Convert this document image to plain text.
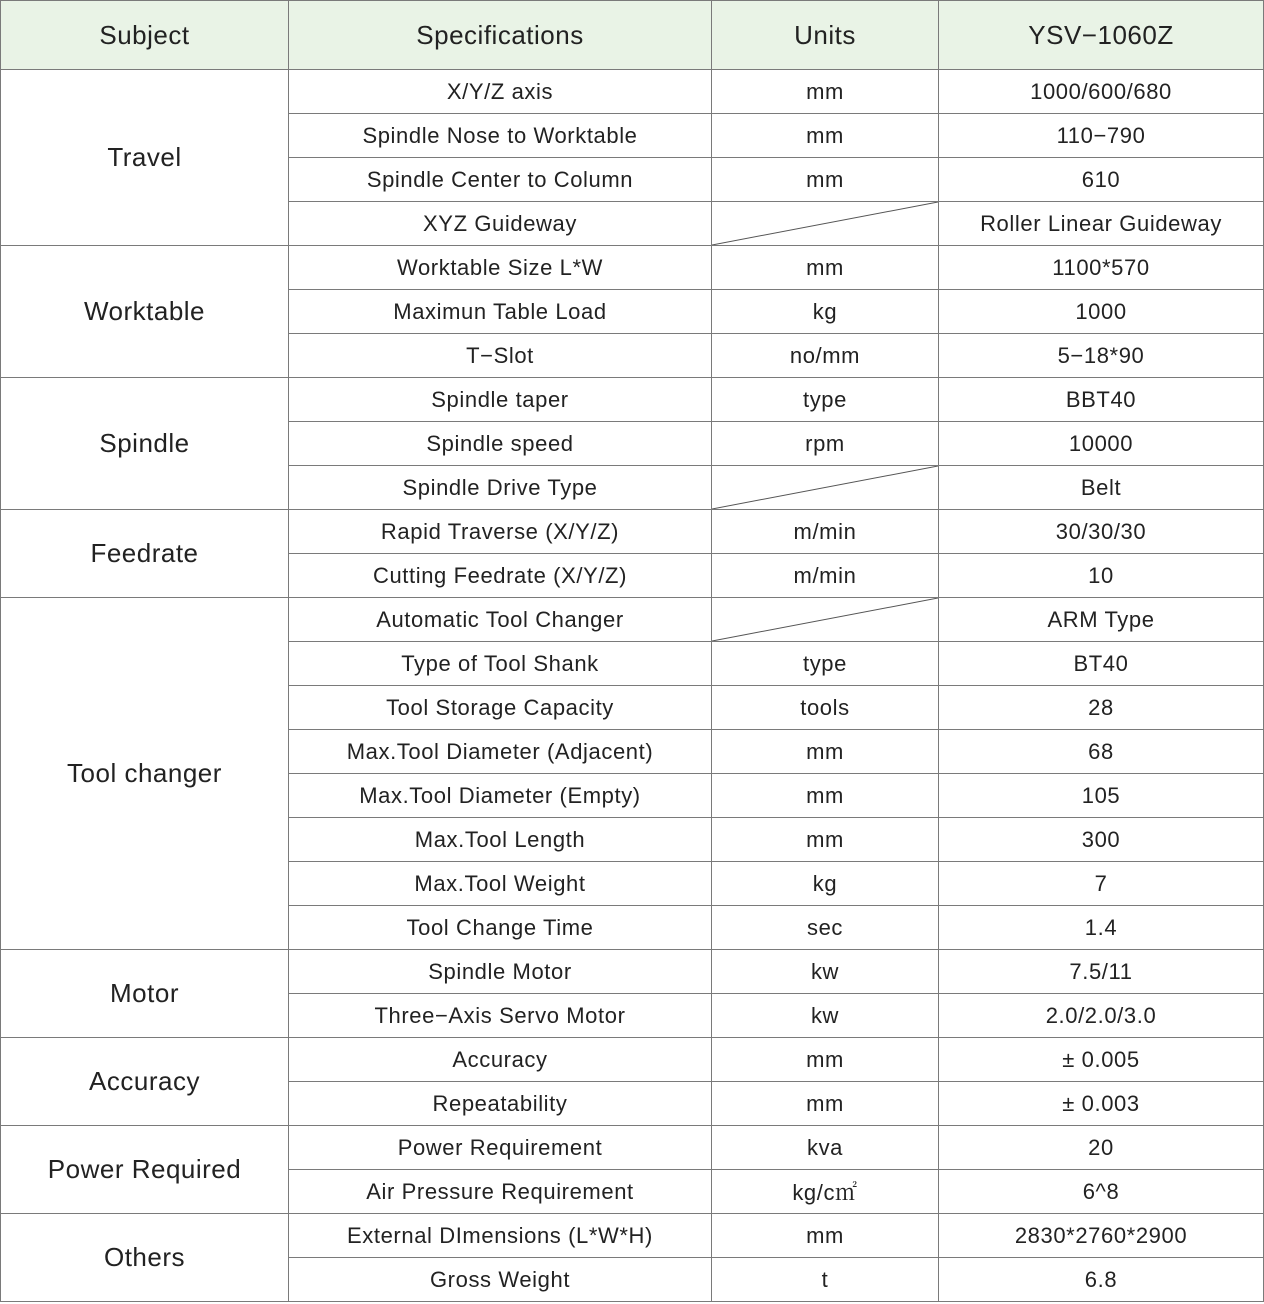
Subject	Specifications	Units	YSV−1060Z
Travel	X/Y/Z axis	mm	1000/600/680
	Spindle Nose to Worktable	mm	110−790
	Spindle Center to Column	mm	610
	XYZ Guideway		Roller Linear Guideway
Worktable	Worktable Size L*W	mm	1100*570
	Maximun Table Load	kg	1000
	T−Slot	no/mm	5−18*90
Spindle	Spindle taper	type	BBT40
	Spindle speed	rpm	10000
	Spindle Drive Type		Belt
Feedrate	Rapid Traverse (X/Y/Z)	m/min	30/30/30
	Cutting Feedrate (X/Y/Z)	m/min	10
Tool changer	Automatic Tool Changer		ARM Type
	Type of Tool Shank	type	BT40
	Tool Storage Capacity	tools	28
	Max.Tool Diameter (Adjacent)	mm	68
	Max.Tool Diameter (Empty)	mm	105
	Max.Tool Length	mm	300
	Max.Tool Weight	kg	7
	Tool Change Time	sec	1.4
Motor	Spindle Motor	kw	7.5/11
	Three−Axis Servo Motor	kw	2.0/2.0/3.0
Accuracy	Accuracy	mm	± 0.005
	Repeatability	mm	± 0.003
Power Required	Power Requirement	kva	20
	Air Pressure Requirement	kg/c㎡	6^8
Others	External DImensions (L*W*H)	mm	2830*2760*2900
	Gross Weight	t	6.8
